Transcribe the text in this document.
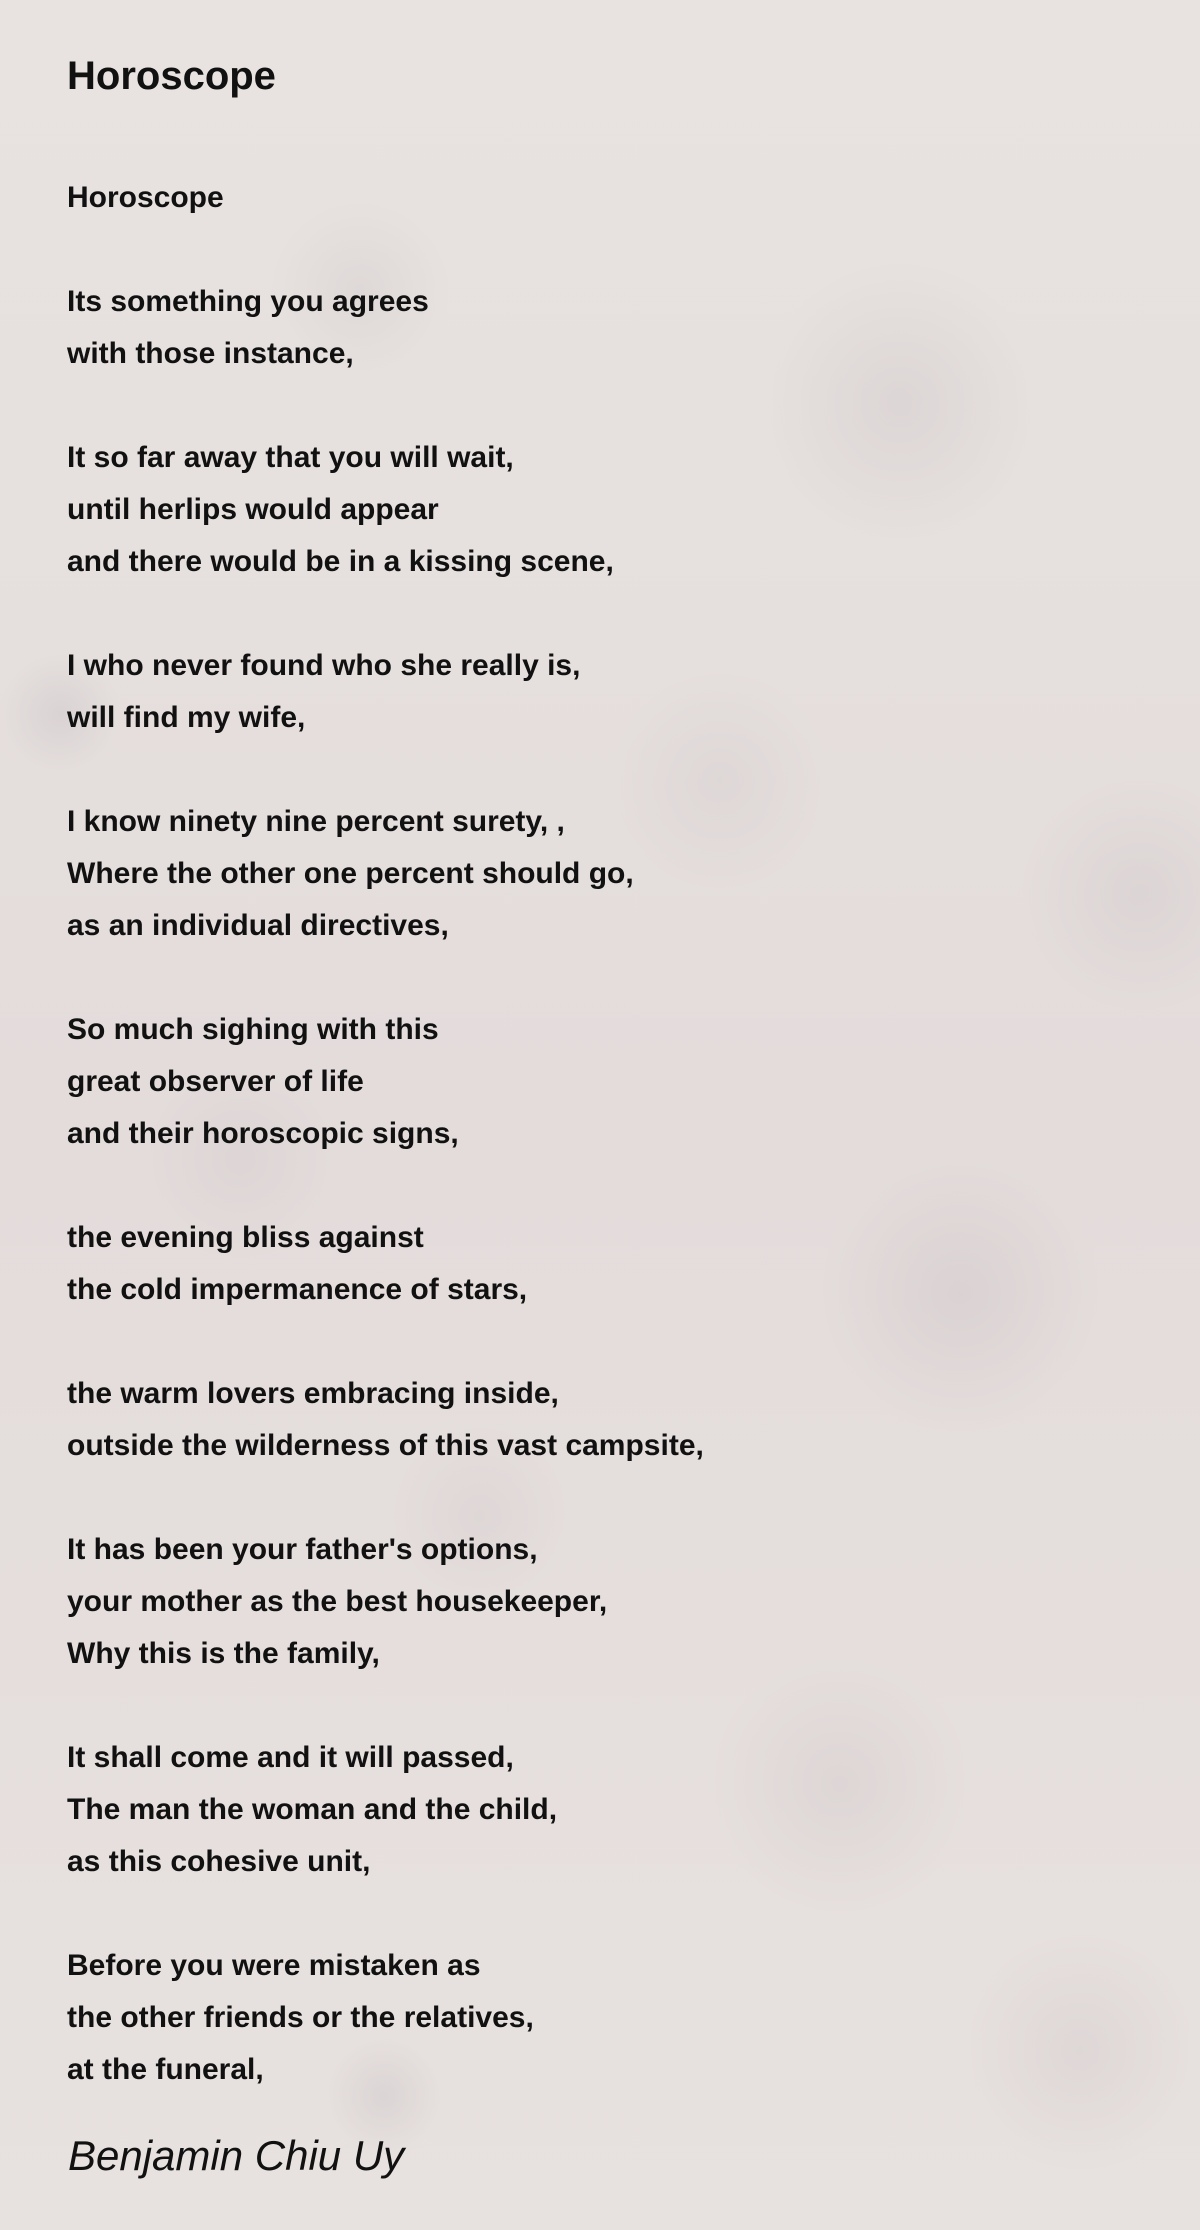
Horoscope
Horoscope
Its something you agrees
with those instance,
It so far away that you will wait,
until herlips would appear
and there would be in a kissing scene,
I who never found who she really is,
will find my wife,
I know ninety nine percent surety, ,
Where the other one percent should go,
as an individual directives,
So much sighing with this
great observer of life
and their horoscopic signs,
the evening bliss against
the cold impermanence of stars,
the warm lovers embracing inside,
outside the wilderness of this vast campsite,
It has been your father's options,
your mother as the best housekeeper,
Why this is the family,
It shall come and it will passed,
The man the woman and the child,
as this cohesive unit,
Before you were mistaken as
the other friends or the relatives,
at the funeral,
Benjamin Chiu Uy
